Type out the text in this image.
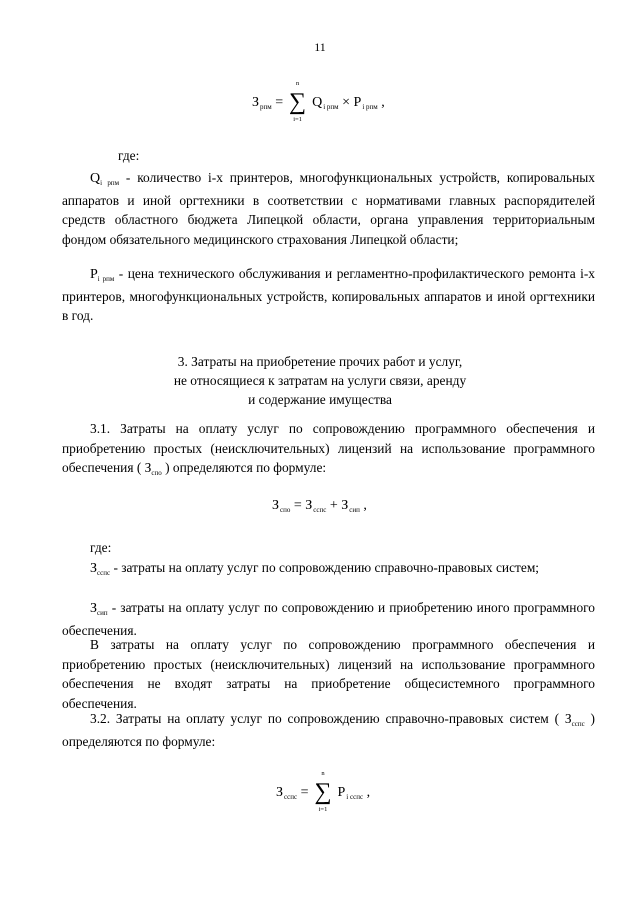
11
$З_{рпм}$ =
n
∑
i=1
$Q_{i рпм} \times P_{i рпм}$ ,
где:
$Q_{i рпм}$ - количество i-х принтеров, многофункциональных устройств, копировальных аппаратов и иной оргтехники в соответствии с нормативами главных распорядителей средств областного бюджета Липецкой области, органа управления территориальным фондом обязательного медицинского страхования Липецкой области;
$P_{i рпм}$ - цена технического обслуживания и регламентно-профилактического ремонта i-х принтеров, многофункциональных устройств, копировальных аппаратов и иной оргтехники в год.
3. Затраты на приобретение прочих работ и услуг,
не относящиеся к затратам на услуги связи, аренду
и содержание имущества
3.1. Затраты на оплату услуг по сопровождению программного обеспечения и приобретению простых (неисключительных) лицензий на использование программного обеспечения ( $З_{спо}$ ) определяются по формуле:
$З_{спо} = З_{сспс} + З_{сип}$ ,
где:
$З_{сспс}$ - затраты на оплату услуг по сопровождению справочно-правовых систем;
$З_{сип}$ - затраты на оплату услуг по сопровождению и приобретению иного программного обеспечения.
В затраты на оплату услуг по сопровождению программного обеспечения и приобретению простых (неисключительных) лицензий на использование программного обеспечения не входят затраты на приобретение общесистемного программного обеспечения.
3.2. Затраты на оплату услуг по сопровождению справочно-правовых систем ( $З_{сспс}$ ) определяются по формуле:
$З_{сспс}$ =
n
∑
i=1
$P_{i сспс}$ ,
